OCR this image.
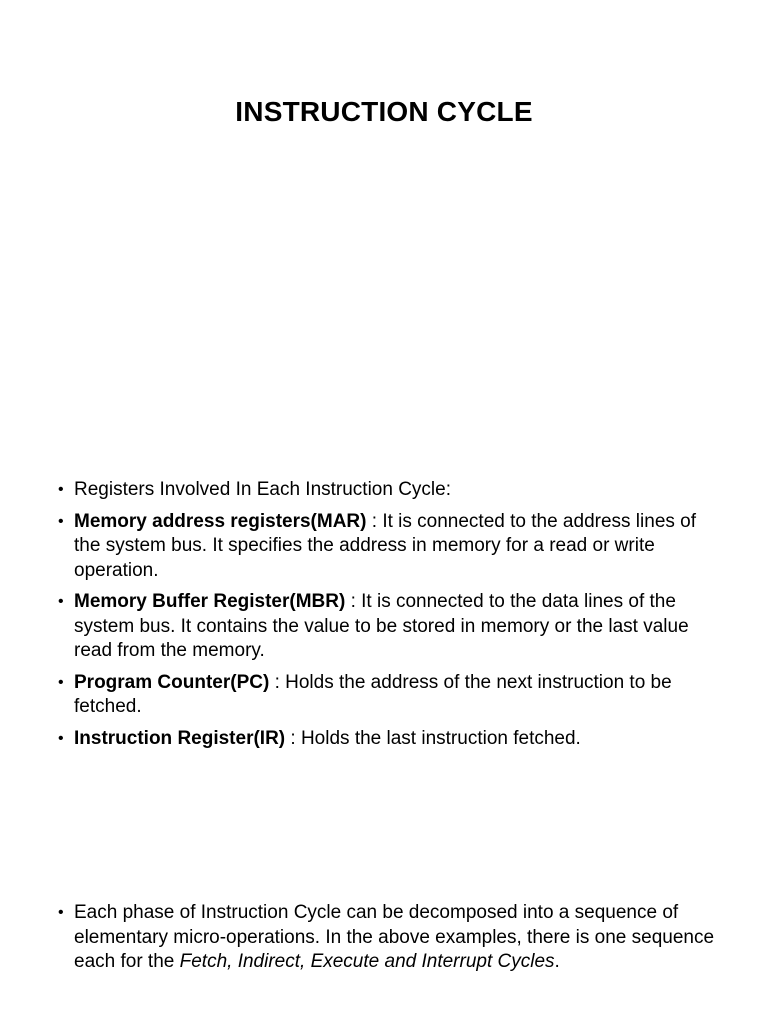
INSTRUCTION CYCLE
• Registers Involved In Each Instruction Cycle:
• Memory address registers(MAR) : It is connected to the address lines of the system bus. It specifies the address in memory for a read or write operation.
• Memory Buffer Register(MBR) : It is connected to the data lines of the system bus. It contains the value to be stored in memory or the last value read from the memory.
• Program Counter(PC) : Holds the address of the next instruction to be fetched.
• Instruction Register(IR) : Holds the last instruction fetched.
• Each phase of Instruction Cycle can be decomposed into a sequence of elementary micro-operations. In the above examples, there is one sequence each for the Fetch, Indirect, Execute and Interrupt Cycles.
